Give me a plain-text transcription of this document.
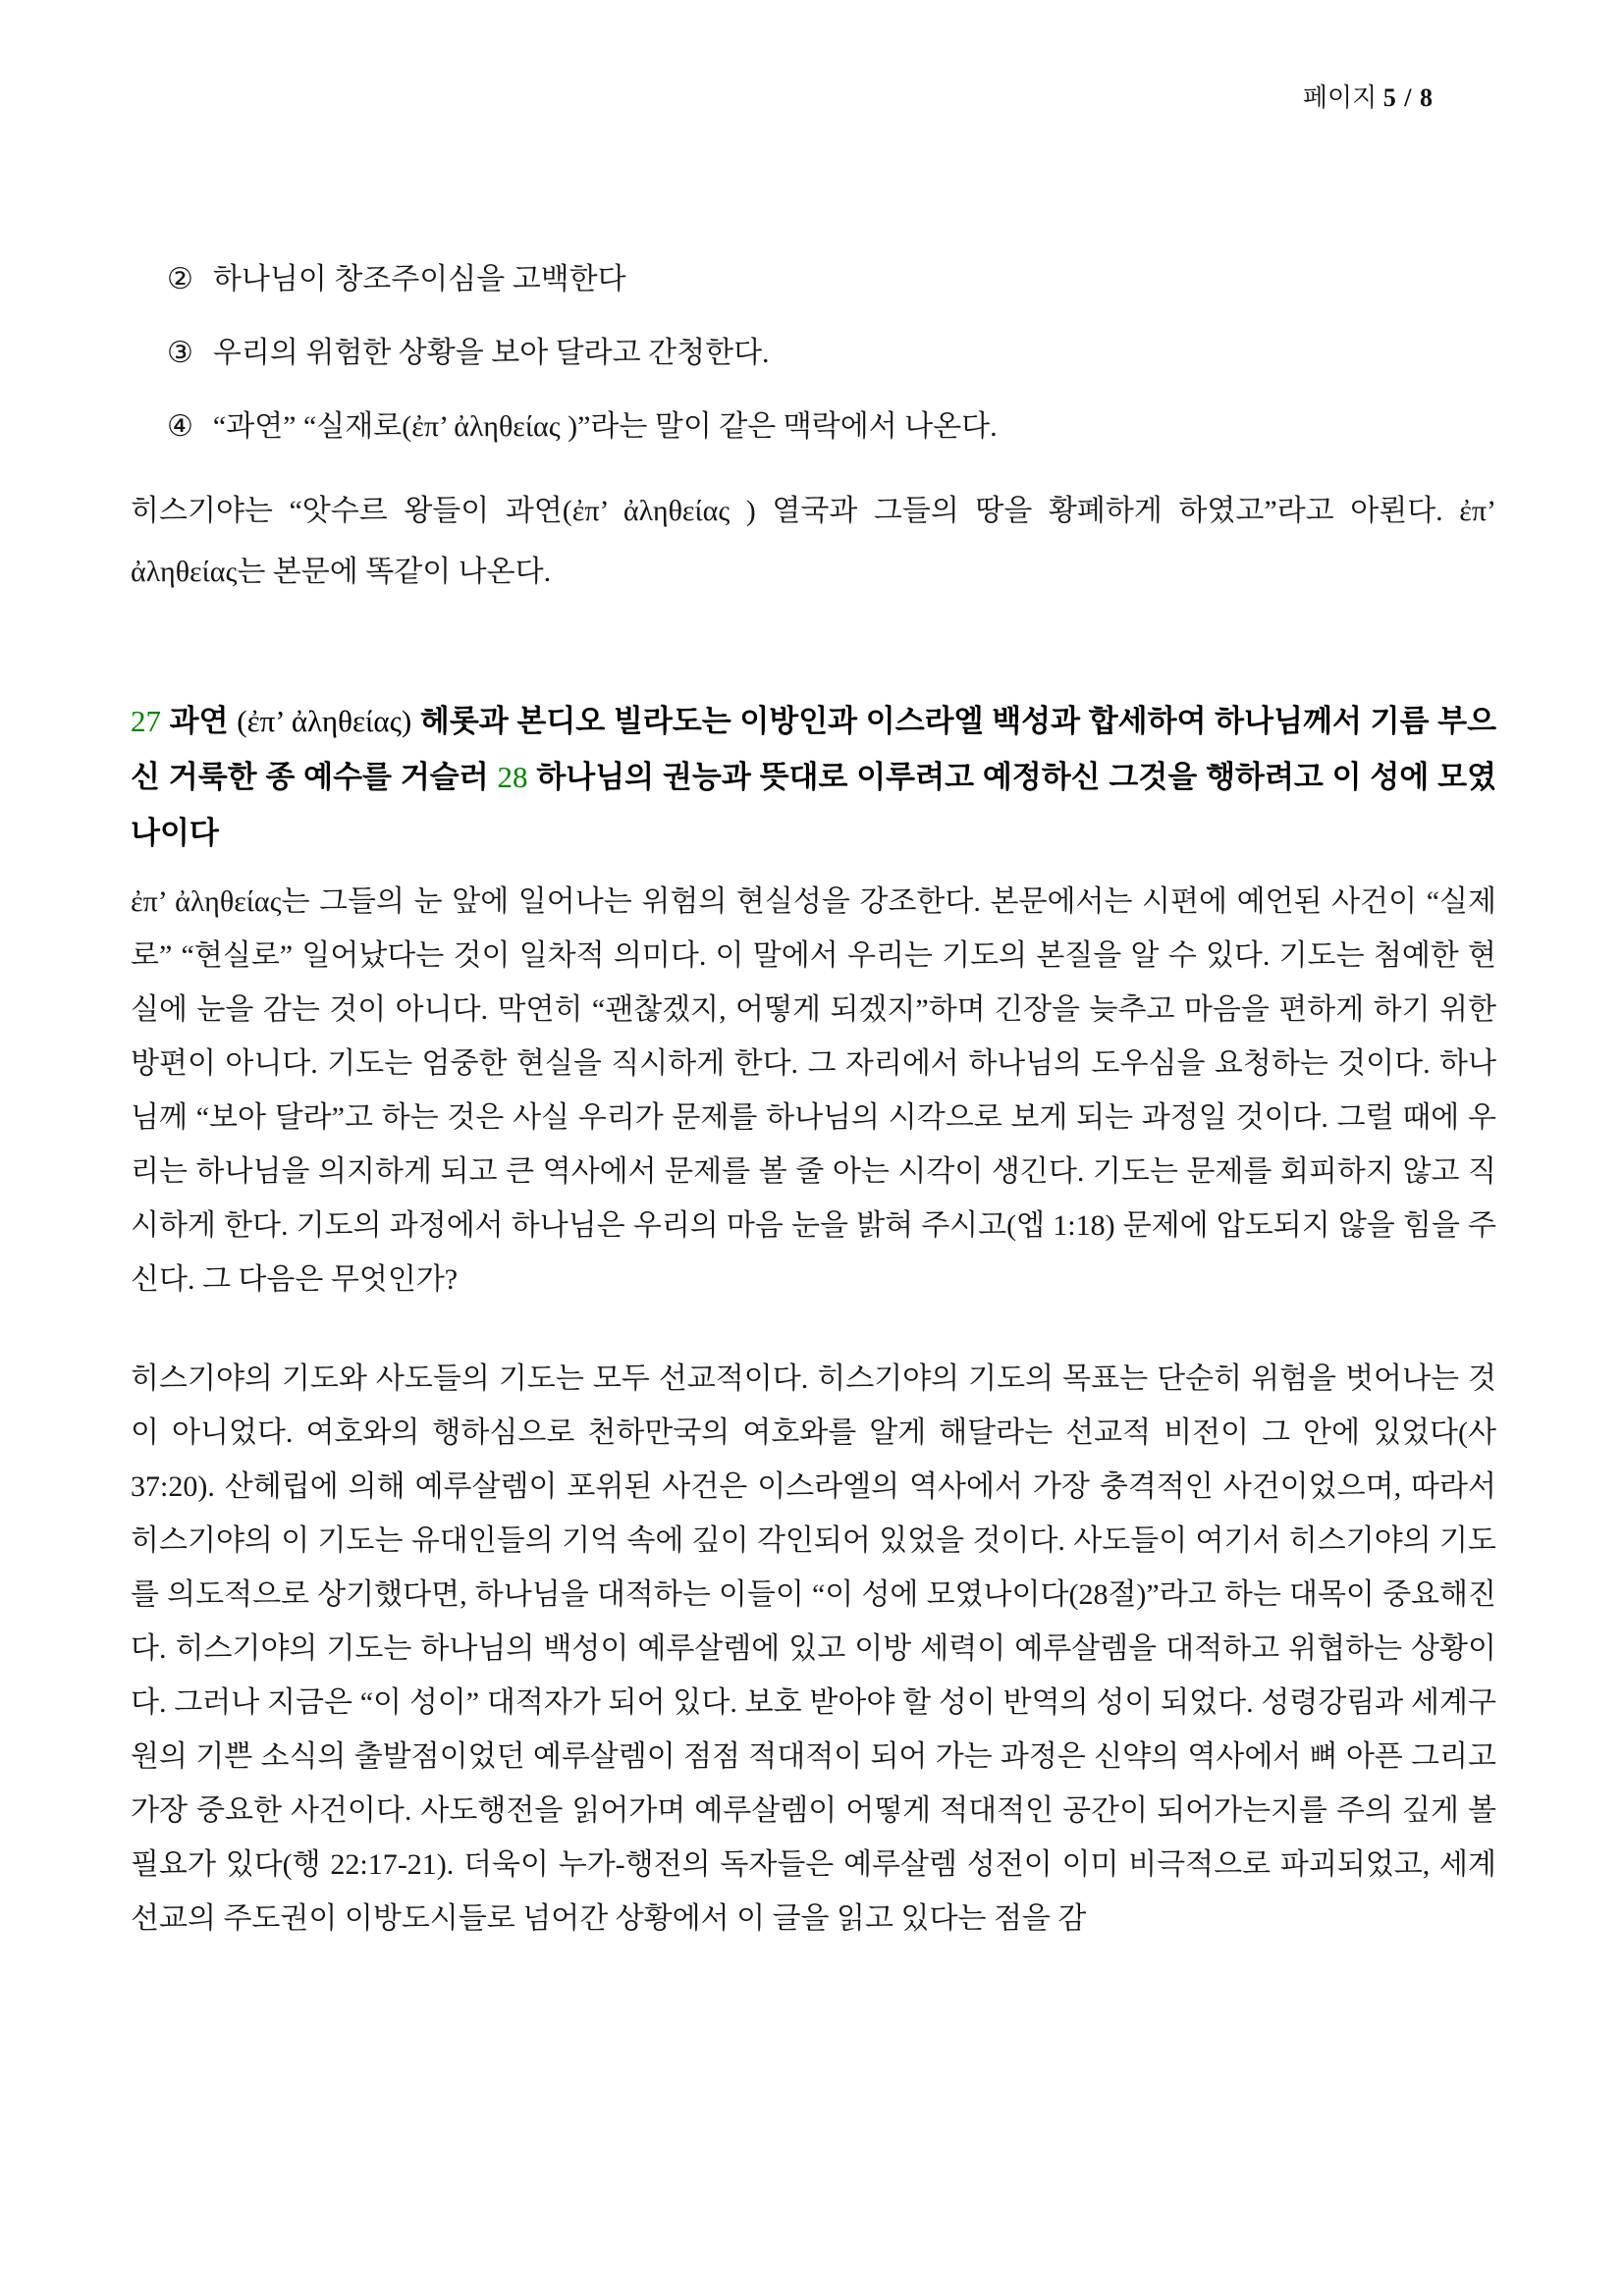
페이지 5 / 8
② 하나님이 창조주이심을 고백한다
③ 우리의 위험한 상황을 보아 달라고 간청한다.
④ “과연” “실재로(ἐπ’ ἀληθείας )”라는 말이 같은 맥락에서 나온다.

히스기야는 “앗수르 왕들이 과연(ἐπ’ ἀληθείας ) 열국과 그들의 땅을 황폐하게 하였고”라고 아뢴다. ἐπ’ ἀληθείας는 본문에 똑같이 나온다.

27 과연 (ἐπ’ ἀληθείας) 헤롯과 본디오 빌라도는 이방인과 이스라엘 백성과 합세하여 하나님께서 기름 부으신 거룩한 종 예수를 거슬러 28 하나님의 권능과 뜻대로 이루려고 예정하신 그것을 행하려고 이 성에 모였나이다

ἐπ’ ἀληθείας는 그들의 눈 앞에 일어나는 위험의 현실성을 강조한다. 본문에서는 시편에 예언된 사건이 “실제로” “현실로” 일어났다는 것이 일차적 의미다. 이 말에서 우리는 기도의 본질을 알 수 있다. 기도는 첨예한 현실에 눈을 감는 것이 아니다. 막연히 “괜찮겠지, 어떻게 되겠지”하며 긴장을 늦추고 마음을 편하게 하기 위한 방편이 아니다. 기도는 엄중한 현실을 직시하게 한다. 그 자리에서 하나님의 도우심을 요청하는 것이다. 하나님께 “보아 달라”고 하는 것은 사실 우리가 문제를 하나님의 시각으로 보게 되는 과정일 것이다. 그럴 때에 우리는 하나님을 의지하게 되고 큰 역사에서 문제를 볼 줄 아는 시각이 생긴다. 기도는 문제를 회피하지 않고 직시하게 한다. 기도의 과정에서 하나님은 우리의 마음 눈을 밝혀 주시고(엡 1:18) 문제에 압도되지 않을 힘을 주신다. 그 다음은 무엇인가?

히스기야의 기도와 사도들의 기도는 모두 선교적이다. 히스기야의 기도의 목표는 단순히 위험을 벗어나는 것이 아니었다. 여호와의 행하심으로 천하만국의 여호와를 알게 해달라는 선교적 비전이 그 안에 있었다(사 37:20). 산헤립에 의해 예루살렘이 포위된 사건은 이스라엘의 역사에서 가장 충격적인 사건이었으며, 따라서 히스기야의 이 기도는 유대인들의 기억 속에 깊이 각인되어 있었을 것이다. 사도들이 여기서 히스기야의 기도를 의도적으로 상기했다면, 하나님을 대적하는 이들이 “이 성에 모였나이다(28절)”라고 하는 대목이 중요해진다. 히스기야의 기도는 하나님의 백성이 예루살렘에 있고 이방 세력이 예루살렘을 대적하고 위협하는 상황이다. 그러나 지금은 “이 성이” 대적자가 되어 있다. 보호 받아야 할 성이 반역의 성이 되었다. 성령강림과 세계구원의 기쁜 소식의 출발점이었던 예루살렘이 점점 적대적이 되어 가는 과정은 신약의 역사에서 뼈 아픈 그리고 가장 중요한 사건이다. 사도행전을 읽어가며 예루살렘이 어떻게 적대적인 공간이 되어가는지를 주의 깊게 볼 필요가 있다(행 22:17-21). 더욱이 누가-행전의 독자들은 예루살렘 성전이 이미 비극적으로 파괴되었고, 세계선교의 주도권이 이방도시들로 넘어간 상황에서 이 글을 읽고 있다는 점을 감
